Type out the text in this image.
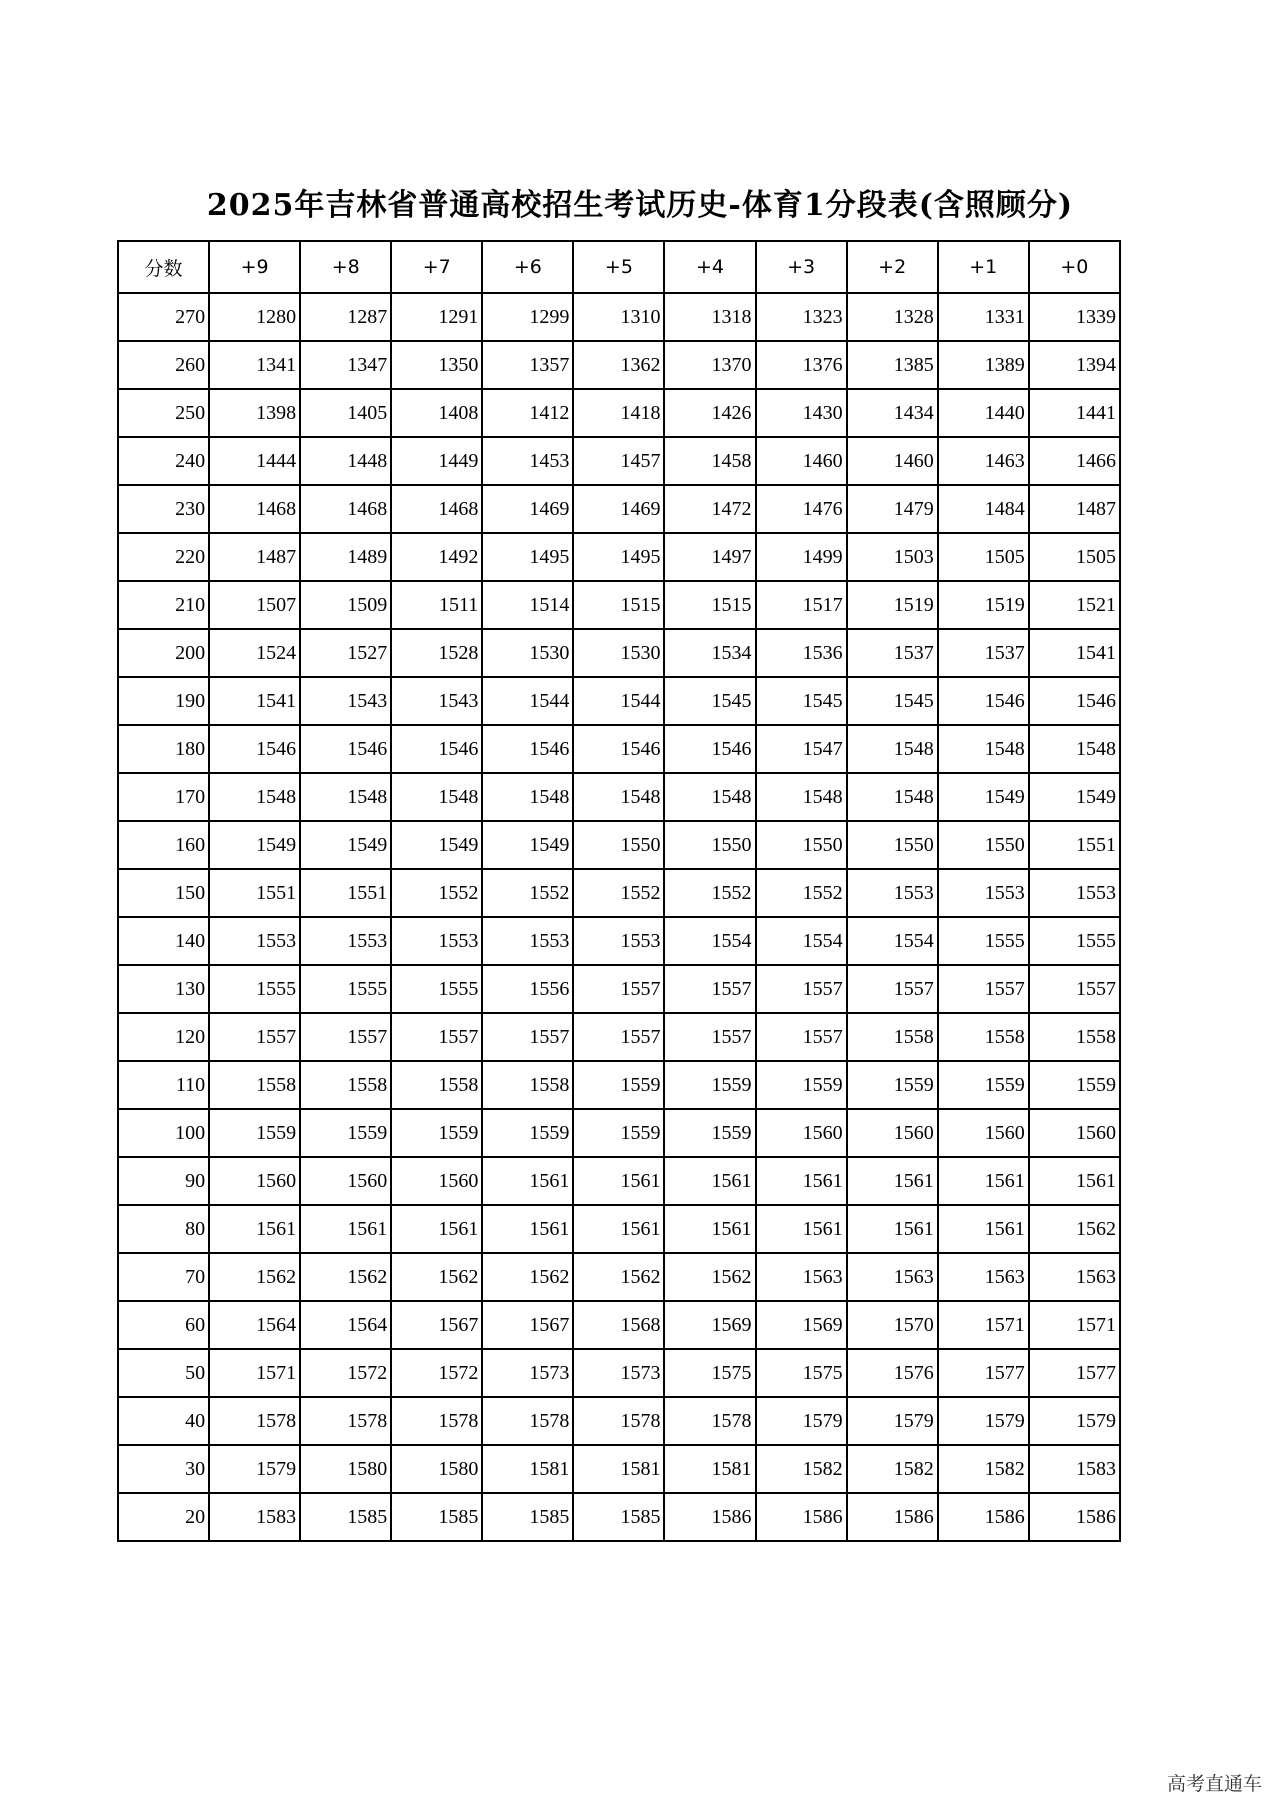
2025年吉林省普通高校招生考试历史-体育1分段表(含照顾分)
分数	+9	+8	+7	+6	+5	+4	+3	+2	+1	+0
270	1280	1287	1291	1299	1310	1318	1323	1328	1331	1339
260	1341	1347	1350	1357	1362	1370	1376	1385	1389	1394
250	1398	1405	1408	1412	1418	1426	1430	1434	1440	1441
240	1444	1448	1449	1453	1457	1458	1460	1460	1463	1466
230	1468	1468	1468	1469	1469	1472	1476	1479	1484	1487
220	1487	1489	1492	1495	1495	1497	1499	1503	1505	1505
210	1507	1509	1511	1514	1515	1515	1517	1519	1519	1521
200	1524	1527	1528	1530	1530	1534	1536	1537	1537	1541
190	1541	1543	1543	1544	1544	1545	1545	1545	1546	1546
180	1546	1546	1546	1546	1546	1546	1547	1548	1548	1548
170	1548	1548	1548	1548	1548	1548	1548	1548	1549	1549
160	1549	1549	1549	1549	1550	1550	1550	1550	1550	1551
150	1551	1551	1552	1552	1552	1552	1552	1553	1553	1553
140	1553	1553	1553	1553	1553	1554	1554	1554	1555	1555
130	1555	1555	1555	1556	1557	1557	1557	1557	1557	1557
120	1557	1557	1557	1557	1557	1557	1557	1558	1558	1558
110	1558	1558	1558	1558	1559	1559	1559	1559	1559	1559
100	1559	1559	1559	1559	1559	1559	1560	1560	1560	1560
90	1560	1560	1560	1561	1561	1561	1561	1561	1561	1561
80	1561	1561	1561	1561	1561	1561	1561	1561	1561	1562
70	1562	1562	1562	1562	1562	1562	1563	1563	1563	1563
60	1564	1564	1567	1567	1568	1569	1569	1570	1571	1571
50	1571	1572	1572	1573	1573	1575	1575	1576	1577	1577
40	1578	1578	1578	1578	1578	1578	1579	1579	1579	1579
30	1579	1580	1580	1581	1581	1581	1582	1582	1582	1583
20	1583	1585	1585	1585	1585	1586	1586	1586	1586	1586
高考直通车
